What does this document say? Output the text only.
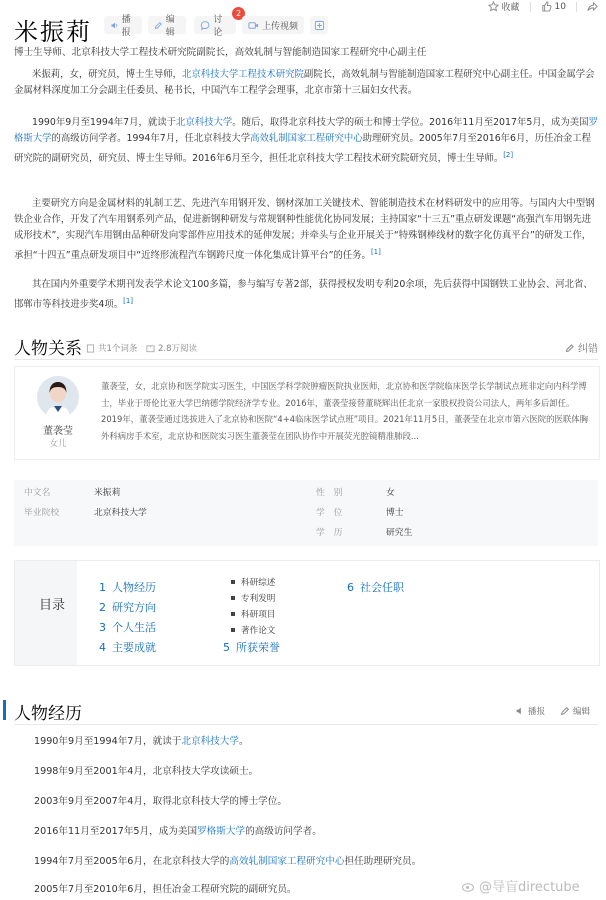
收藏	10
米振莉	播报
编辑
讨论
2
上传视频
博士生导师、北京科技大学工程技术研究院副院长，高效轧制与智能制造国家工程研究中心副主任

米振莉，女，研究员，博士生导师，北京科技大学工程技术研究院副院长，高效轧制与智能制造国家工程研究中心副主任。中国金属学会金属材料深度加工分会副主任委员、秘书长，中国汽车工程学会理事，北京市第十三届妇女代表。

1990年9月至1994年7月，就读于北京科技大学。随后，取得北京科技大学的硕士和博士学位。2016年11月至2017年5月，成为美国罗格斯大学的高级访问学者。1994年7月，任北京科技大学高效轧制国家工程研究中心助理研究员。2005年7月至2016年6月，历任冶金工程研究院的副研究员，研究员、博士生导师。2016年6月至今，担任北京科技大学工程技术研究院研究员，博士生导师。[2]

主要研究方向是金属材料的轧制工艺、先进汽车用钢开发、钢材深加工关键技术、智能制造技术在材料研发中的应用等。与国内大中型钢铁企业合作，开发了汽车用钢系列产品，促进新钢种研发与常规钢种性能优化协同发展；主持国家“十三五”重点研发课题“高强汽车用钢先进成形技术”，实现汽车用钢由品种研发向零部件应用技术的延伸发展；并牵头与企业开展关于“特殊钢棒线材的数字化仿真平台”的研发工作，承担“十四五”重点研发项目中“近终形流程汽车钢跨尺度一体化集成计算平台”的任务。[1]

其在国内外重要学术期刊发表学术论文100多篇，参与编写专著2部，获得授权发明专利20余项，先后获得中国钢铁工业协会、河北省、邯郸市等科技进步奖4项。[1]

人物关系 共1个词条 2.8万阅读	纠错
董袭莹
女儿
董袭莹，女，北京协和医学院实习医生，中国医学科学院肿瘤医院执业医师，北京协和医学院临床医学长学制试点班非定向内科学博士，毕业于哥伦比亚大学巴纳德学院经济学专业。2016年，董袭莹接替董晓辉出任北京一家股权投资公司法人，两年多后卸任。2019年，董袭莹通过选拔进入了北京协和医院“4+4临床医学试点班”项目。2021年11月5日，董袭莹在北京市第六医院的医联体胸外科病房手术室，北京协和医院实习医生董袭莹在团队协作中开展荧光腔镜精准肺段...
中文名	米振莉
毕业院校	北京科技大学
性　别	女
学　位	博士
学　历	研究生
目录
1 人物经历
2 研究方向
3 个人生活
4 主要成就	5 所获荣誉
6 社会任职
科研综述
专利发明
科研项目
著作论文
人物经历	播报	编辑
1990年9月至1994年7月，就读于北京科技大学。
1998年9月至2001年4月，北京科技大学攻读硕士。
2003年9月至2007年4月，取得北京科技大学的博士学位。
2016年11月至2017年5月，成为美国罗格斯大学的高级访问学者。
1994年7月至2005年6月，在北京科技大学的高效轧制国家工程研究中心担任助理研究员。
2005年7月至2010年6月，担任冶金工程研究院的副研究员。	@导盲directube
